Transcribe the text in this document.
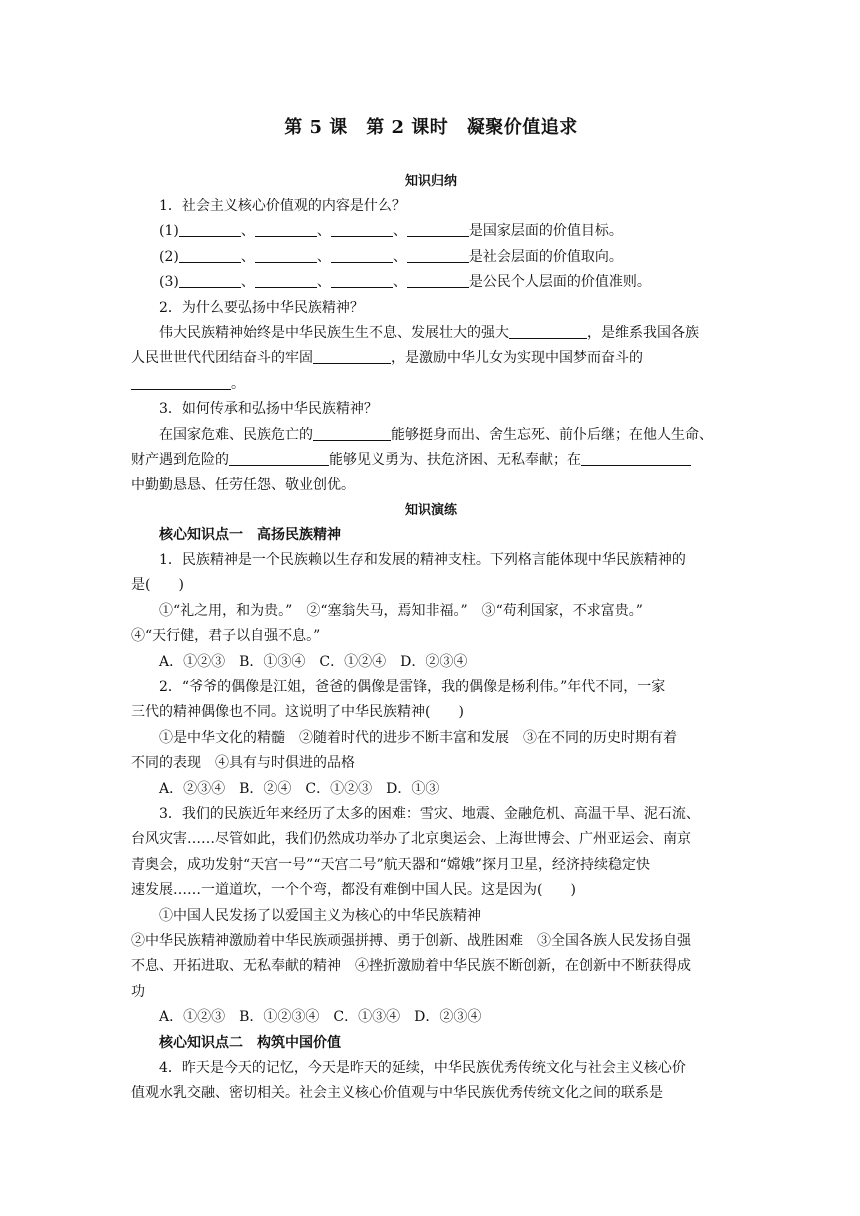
第 5 课　第 2 课时　凝聚价值追求
知识归纳
1．社会主义核心价值观的内容是什么？
(1)	、	、	、	是国家层面的价值目标。
(2)	、	、	、	是社会层面的价值取向。
(3)	、	、	、	是公民个人层面的价值准则。
2．为什么要弘扬中华民族精神？
伟大民族精神始终是中华民族生生不息、发展壮大的强大	，是维系我国各族
人民世世代代团结奋斗的牢固	，是激励中华儿女为实现中国梦而奋斗的
。
3．如何传承和弘扬中华民族精神？
在国家危难、民族危亡的	能够挺身而出、舍生忘死、前仆后继；在他人生命、
财产遇到危险的	能够见义勇为、扶危济困、无私奉献；在
中勤勤恳恳、任劳任怨、敬业创优。
知识演练
核心知识点一　高扬民族精神
1．民族精神是一个民族赖以生存和发展的精神支柱。下列格言能体现中华民族精神的
是(　　)
①“礼之用，和为贵。”　②“塞翁失马，焉知非福。”　③“苟利国家，不求富贵。”
④“天行健，君子以自强不息。”
A．①②③　B．①③④　C．①②④　D．②③④
2．“爷爷的偶像是江姐，爸爸的偶像是雷锋，我的偶像是杨利伟。”年代不同，一家
三代的精神偶像也不同。这说明了中华民族精神(　　)
①是中华文化的精髓　②随着时代的进步不断丰富和发展　③在不同的历史时期有着
不同的表现　④具有与时俱进的品格
A．②③④　B．②④　C．①②③　D．①③
3．我们的民族近年来经历了太多的困难：雪灾、地震、金融危机、高温干旱、泥石流、
台风灾害……尽管如此，我们仍然成功举办了北京奥运会、上海世博会、广州亚运会、南京
青奥会，成功发射“天宫一号”“天宫二号”航天器和“嫦娥”探月卫星，经济持续稳定快
速发展……一道道坎，一个个弯，都没有难倒中国人民。这是因为(　　)
①中国人民发扬了以爱国主义为核心的中华民族精神
②中华民族精神激励着中华民族顽强拼搏、勇于创新、战胜困难　③全国各族人民发扬自强
不息、开拓进取、无私奉献的精神　④挫折激励着中华民族不断创新，在创新中不断获得成
功
A．①②③　B．①②③④　C．①③④　D．②③④
核心知识点二　构筑中国价值
4．昨天是今天的记忆，今天是昨天的延续，中华民族优秀传统文化与社会主义核心价
值观水乳交融、密切相关。社会主义核心价值观与中华民族优秀传统文化之间的联系是
